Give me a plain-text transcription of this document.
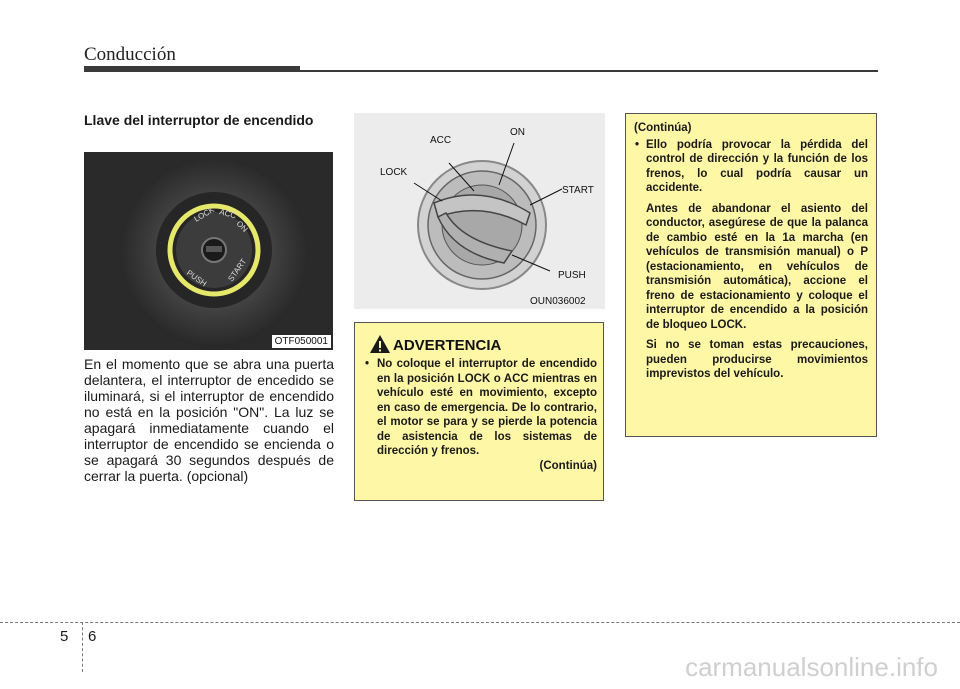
Conducción
Llave del interruptor de encendido
LOCK ACC
ON
PUSH START
OTF050001
En el momento que se abra una puerta delantera, el interruptor de encedido se iluminará, si el interruptor de encendido no está en la posición "ON". La luz se apagará inmediatamente cuando el interruptor de encendido se encienda o se apagará 30 segundos después de cerrar la puerta. (opcional)
ACC
ON
LOCK
START
PUSH
OUN036002
ADVERTENCIA
• No coloque el interruptor de encendido en la posición LOCK o ACC mientras en vehículo esté en movimiento, excepto en caso de emergencia. De lo contrario, el motor se para y se pierde la potencia de asistencia de los sistemas de dirección y frenos.
(Continúa)

(Continúa)

• Ello podría provocar la pérdida del control de dirección y la función de los frenos, lo cual podría causar un accidente.

Antes de abandonar el asiento del conductor, asegúrese de que la palanca de cambio esté en la 1a marcha (en vehículos de transmisión manual) o P (estacionamiento, en vehículos de transmisión automática), accione el freno de estacionamiento y coloque el interruptor de encendido a la posición de bloqueo LOCK.

Si no se toman estas precauciones, pueden producirse movimientos imprevistos del vehículo.

5 6
carmanualsonline.info
